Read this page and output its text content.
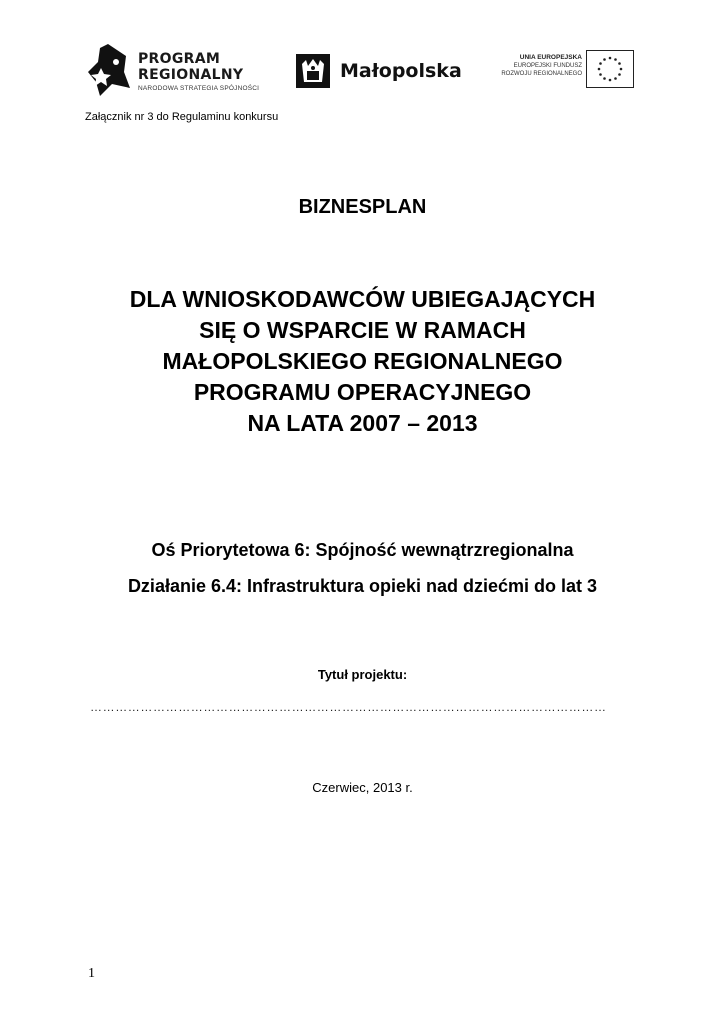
PROGRAM
REGIONALNY
NARODOWA STRATEGIA SPÓJNOŚCI
Małopolska
UNIA EUROPEJSKA
EUROPEJSKI FUNDUSZ
ROZWOJU REGIONALNEGO
Załącznik nr 3 do Regulaminu konkursu
BIZNESPLAN
DLA WNIOSKODAWCÓW UBIEGAJĄCYCH
SIĘ O WSPARCIE W RAMACH
MAŁOPOLSKIEGO REGIONALNEGO
PROGRAMU OPERACYJNEGO
NA LATA 2007 – 2013
Oś Priorytetowa 6: Spójność wewnątrzregionalna
Działanie 6.4: Infrastruktura opieki nad dziećmi do lat 3
Tytuł projektu:
……………………………………………………………………………………………………………
Czerwiec, 2013 r.
1
